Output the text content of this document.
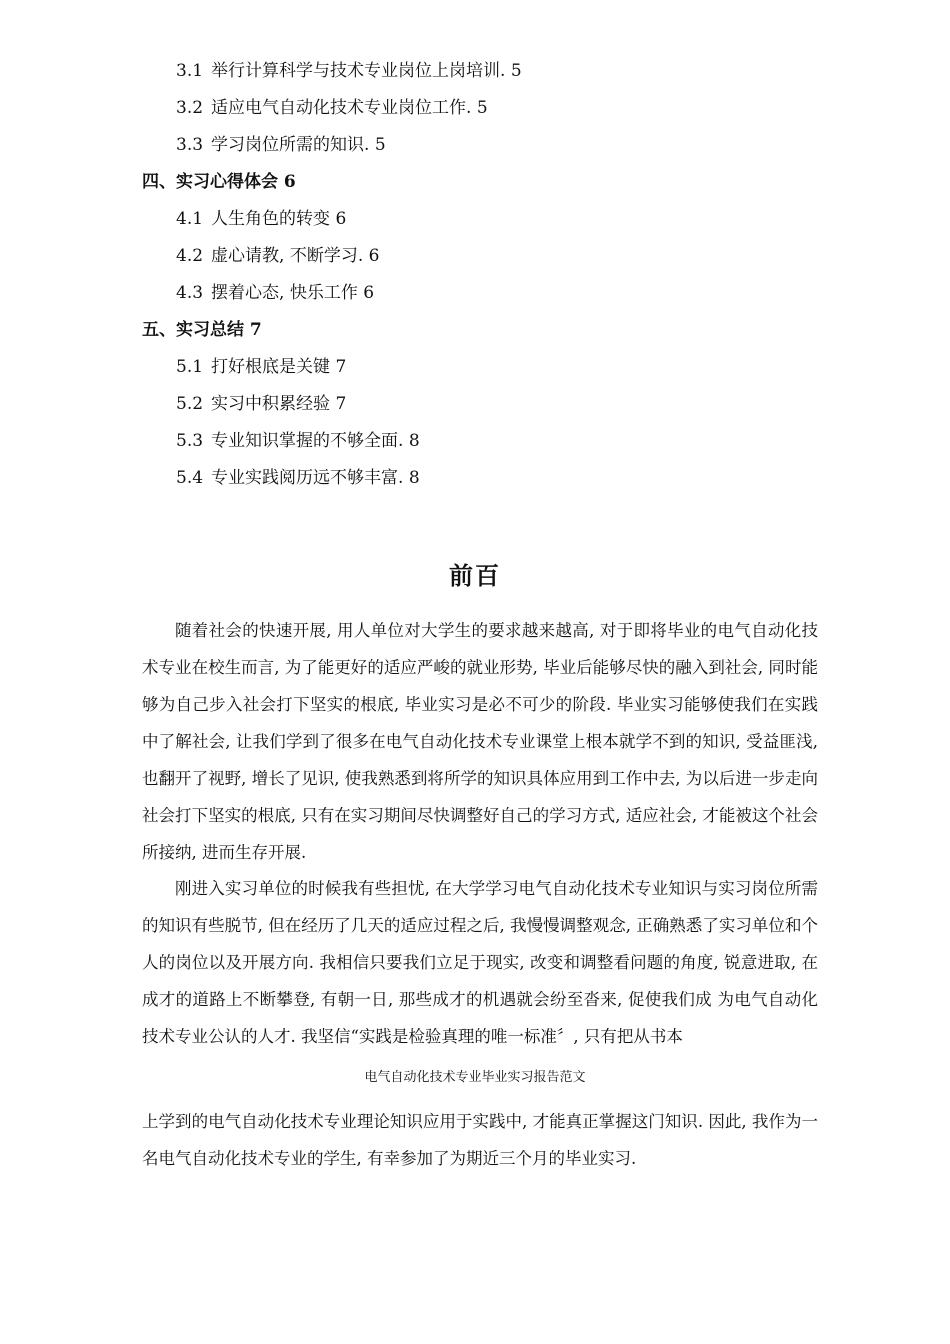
3.1 举行计算科学与技术专业岗位上岗培训. 5
3.2 适应电气自动化技术专业岗位工作. 5
3.3 学习岗位所需的知识. 5
四、实习心得体会 6
4.1 人生角色的转变 6
4.2 虚心请教, 不断学习. 6
4.3 摆着心态, 快乐工作 6
五、实习总结 7
5.1 打好根底是关键 7
5.2 实习中积累经验 7
5.3 专业知识掌握的不够全面. 8
5.4 专业实践阅历远不够丰富. 8
前百

随着社会的快速开展, 用人单位对大学生的要求越来越高, 对于即将毕业的电气自动化技术专业在校生而言, 为了能更好的适应严峻的就业形势, 毕业后能够尽快的融入到社会, 同时能够为自己步入社会打下坚实的根底, 毕业实习是必不可少的阶段. 毕业实习能够使我们在实践中了解社会, 让我们学到了很多在电气自动化技术专业课堂上根本就学不到的知识, 受益匪浅, 也翻开了视野, 增长了见识, 使我熟悉到将所学的知识具体应用到工作中去, 为以后进一步走向社会打下坚实的根底, 只有在实习期间尽快调整好自己的学习方式, 适应社会, 才能被这个社会所接纳, 进而生存开展.

刚进入实习单位的时候我有些担忧, 在大学学习电气自动化技术专业知识与实习岗位所需的知识有些脱节, 但在经历了几天的适应过程之后, 我慢慢调整观念, 正确熟悉了实习单位和个人的岗位以及开展方向. 我相信只要我们立足于现实, 改变和调整看问题的角度, 锐意进取, 在成才的道路上不断攀登, 有朝一日, 那些成才的机遇就会纷至沓来, 促使我们成 为电气自动化技术专业公认的人才. 我坚信“实践是检验真理的唯一标准〞, 只有把从书本

电气自动化技术专业毕业实习报告范文

上学到的电气自动化技术专业理论知识应用于实践中, 才能真正掌握这门知识. 因此, 我作为一名电气自动化技术专业的学生, 有幸参加了为期近三个月的毕业实习.
